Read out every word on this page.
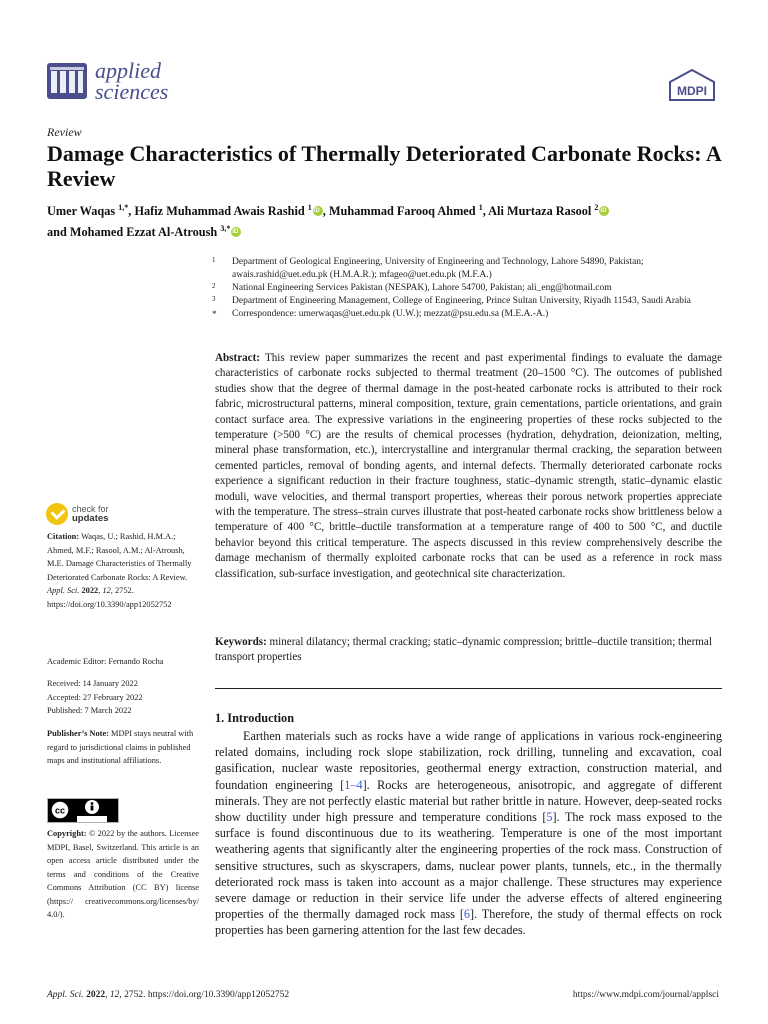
applied
sciences	MDPI
Review
Damage Characteristics of Thermally Deteriorated Carbonate Rocks: A Review
Umer Waqas $^{1,*}$, Hafiz Muhammad Awais Rashid $^1$iD , Muhammad Farooq Ahmed $^1$, Ali Murtaza Rasool $^2$iD
and Mohamed Ezzat Al-Atroush $^{3,*}$iD
1 Department of Geological Engineering, University of Engineering and Technology, Lahore 54890, Pakistan; awais.rashid@uet.edu.pk (H.M.A.R.); mfageo@uet.edu.pk (M.F.A.)
2 National Engineering Services Pakistan (NESPAK), Lahore 54700, Pakistan; ali_eng@hotmail.com
3 Department of Engineering Management, College of Engineering, Prince Sultan University, Riyadh 11543, Saudi Arabia
* Correspondence: umerwaqas@uet.edu.pk (U.W.); mezzat@psu.edu.sa (M.E.A.-A.)
Abstract: This review paper summarizes the recent and past experimental findings to evaluate the damage characteristics of carbonate rocks subjected to thermal treatment (20–1500 °C). The outcomes of published studies show that the degree of thermal damage in the post-heated carbonate rocks is attributed to their rock fabric, microstructural patterns, mineral composition, texture, grain cementations, particle orientations, and grain contact surface area. The expressive variations in the engineering properties of these rocks subjected to the temperature (>500 °C) are the results of chemical processes (hydration, dehydration, deionization, melting, mineral phase transformation, etc.), intercrystalline and intergranular thermal cracking, the separation between cemented particles, removal of bonding agents, and internal defects. Thermally deteriorated carbonate rocks experience a significant reduction in their fracture toughness, static–dynamic strength, static–dynamic elastic moduli, wave velocities, and thermal transport properties, whereas their porous network properties appreciate with the temperature. The stress–strain curves illustrate that post-heated carbonate rocks show brittleness below a temperature of 400 °C, brittle–ductile transformation at a temperature range of 400 to 500 °C, and ductile behavior beyond this critical temperature. The aspects discussed in this review comprehensively describe the damage mechanism of thermally exploited carbonate rocks that can be used as a reference in rock mass classification, sub-surface investigation, and geotechnical site characterization.
Keywords: mineral dilatancy; thermal cracking; static–dynamic compression; brittle–ductile transition; thermal transport properties
1. Introduction

Earthen materials such as rocks have a wide range of applications in various rock-engineering related domains, including rock slope stabilization, rock drilling, tunneling and excavation, coal gasification, nuclear waste repositories, geothermal energy extraction, construction material, and foundation engineering [1–4]. Rocks are heterogeneous, anisotropic, and aggregate of different minerals. They are not perfectly elastic material but rather brittle in nature. However, deep-seated rocks show ductility under high pressure and temperature conditions [5]. The rock mass exposed to the surface is found discontinuous due to its weathering. Temperature is one of the most important weathering agents that significantly alter the engineering properties of the rock mass. Construction of sensitive structures, such as skyscrapers, dams, nuclear power plants, tunnels, etc., in the thermally deteriorated rock mass is taken into account as a major challenge. These structures may experience severe damage or reduction in their service life under the adverse effects of altered engineering properties of the thermally damaged rock mass [6]. Therefore, the study of thermal effects on rock properties has been garnering attention for the last few decades.

check for
updates
Citation: Waqas, U.; Rashid, H.M.A.; Ahmed, M.F.; Rasool, A.M.; Al-Atroush, M.E. Damage Characteristics of Thermally Deteriorated Carbonate Rocks: A Review. Appl. Sci. 2022, 12, 2752. https://doi.org/10.3390/app12052752
Academic Editor: Fernando Rocha
Received: 14 January 2022
Accepted: 27 February 2022
Published: 7 March 2022
Publisher’s Note: MDPI stays neutral with regard to jurisdictional claims in published maps and institutional affiliations.
cc
Copyright: © 2022 by the authors. Licensee MDPI, Basel, Switzerland. This article is an open access article distributed under the terms and conditions of the Creative Commons Attribution (CC BY) license (https:// creativecommons.org/licenses/by/ 4.0/).
Appl. Sci. 2022, 12, 2752. https://doi.org/10.3390/app12052752	https://www.mdpi.com/journal/applsci
